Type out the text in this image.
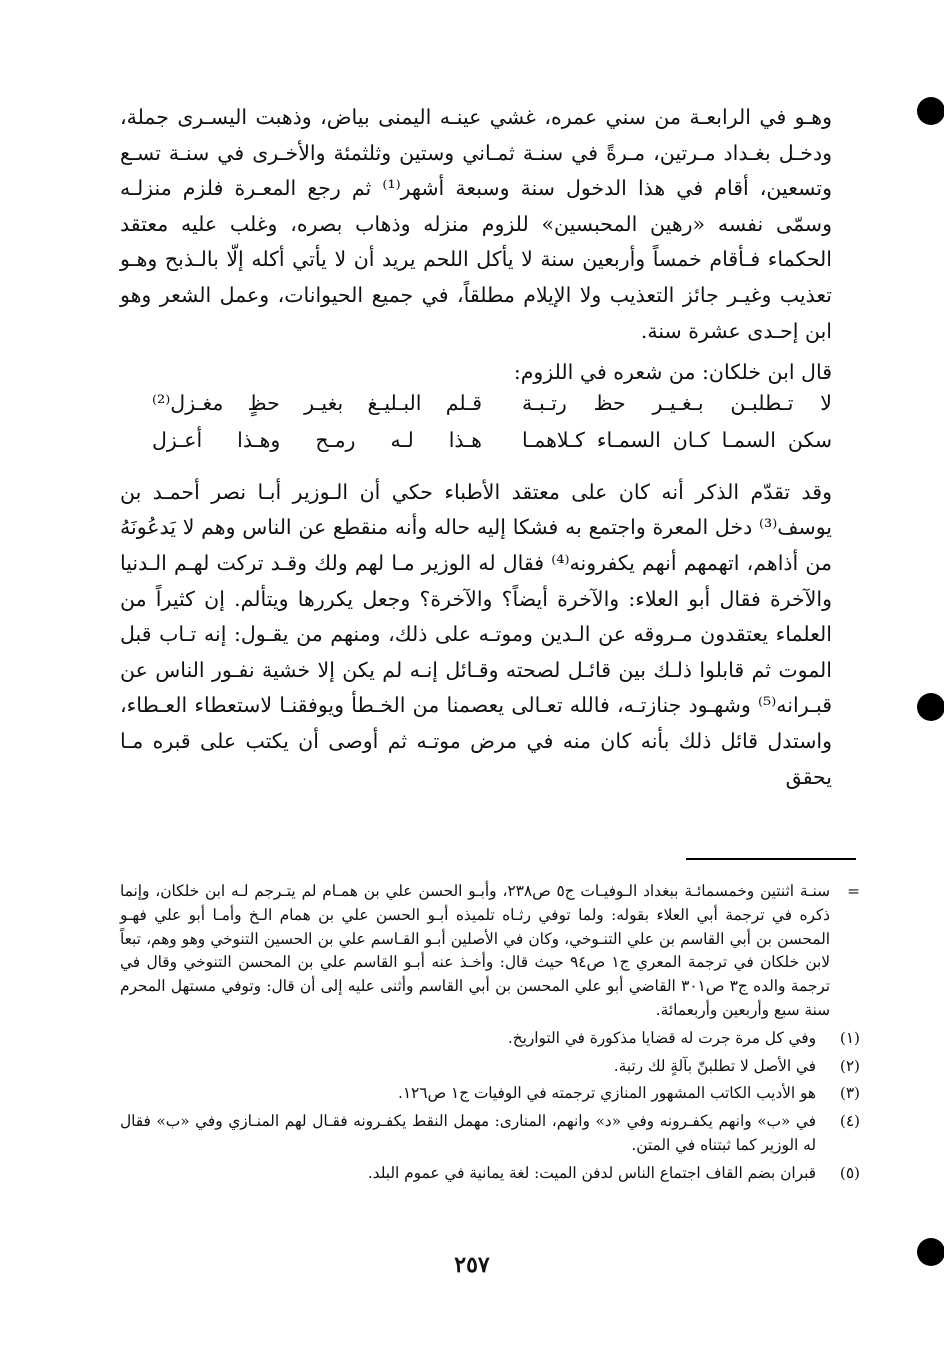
وهـو في الرابعـة من سني عمره، غشي عينـه اليمنى بياض، وذهبت اليسـرى جملة، ودخـل بغـداد مـرتين، مـرةً في سنـة ثمـاني وستين وثلثمئة والأخـرى في سنـة تسـع وتسعين، أقام في هذا الدخول سنة وسبعة أشهر⁽¹⁾ ثم رجع المعـرة فلزم منزلـه وسمّى نفسه «رهين المحبسين» للزوم منزله وذهاب بصره، وغلب عليه معتقد الحكماء فـأقام خمساً وأربعين سنة لا يأكل اللحم يريد أن لا يأتي أكله إلّا بالـذبح وهـو تعذيب وغيـر جائز التعذيب ولا الإيلام مطلقاً، في جميع الحيوانات، وعمل الشعر وهو ابن إحـدى عشرة سنة.

قال ابن خلكان: من شعره في اللزوم:

لا تـطلبـن بـغـيـر حظ رتـبـة
قـلم البـليـغ بغيـر حظٍ مغـزل⁽²⁾
سكن السمـا كـان السمـاء كـلاهمـا
هـذا لـه رمـح وهـذا أعـزل

وقد تقدّم الذكر أنه كان على معتقد الأطباء حكي أن الـوزير أبـا نصر أحمـد بن يوسف⁽³⁾ دخل المعرة واجتمع به فشكا إليه حاله وأنه منقطع عن الناس وهم لا يَدعُونَهُ من أذاهم، اتهمهم أنهم يكفرونه⁽⁴⁾ فقال له الوزير مـا لهم ولك وقـد تركت لهـم الـدنيا والآخرة فقال أبو العلاء: والآخرة أيضاً؟ والآخرة؟ وجعل يكررها ويتألم. إن كثيراً من العلماء يعتقدون مـروقه عن الـدين وموتـه على ذلك، ومنهم من يقـول: إنه تـاب قبل الموت ثم قابلوا ذلـك بين قائـل لصحته وقـائل إنـه لم يكن إلا خشية نفـور الناس عن قبـرانه⁽⁵⁾ وشهـود جنازتـه، فالله تعـالى يعصمنا من الخـطأ ويوفقنـا لاستعطاء العـطاء، واستدل قائل ذلك بأنه كان منه في مرض موتـه ثم أوصى أن يكتب على قبره مـا يحقق

=
سنـة اثنتين وخمسمائـة ببغداد الـوفيـات ج٥ ص٢٣٨، وأبـو الحسن علي بن همـام لم يتـرجم لـه ابن خلكان، وإنما ذكره في ترجمة أبي العلاء بقوله: ولما توفي رثـاه تلميذه أبـو الحسن علي بن همام الـخ وأمـا أبو علي فهـو المحسن بن أبي القاسم بن علي التنـوخي، وكان في الأصلين أبـو القـاسم علي بن الحسين التنوخي وهو وهم، تبعاً لابن خلكان في ترجمة المعري ج١ ص٩٤ حيث قال: وأخـذ عنه أبـو القاسم علي بن المحسن التنوخي وقال في ترجمة والده ج٣ ص٣٠١ القاضي أبو علي المحسن بن أبي القاسم وأثنى عليه إلى أن قال: وتوفي مستهل المحرم سنة سبع وأربعين وأربعمائة.
(١)
وفي كل مرة جرت له قضايا مذكورة في التواريخ.
(٢)
في الأصل لا تطلبنّ بآلةٍ لك رتبة.
(٣)
هو الأديب الكاتب المشهور المنازي ترجمته في الوفيات ج١ ص١٢٦.
(٤)
في «ب» وانهم يكفـرونه وفي «د» وانهم، المنارى: مهمل النقط يكفـرونه فقـال لهم المنـازي وفي «ب» فقال له الوزير كما ثبتناه في المتن.
(٥)
قبران بضم القاف اجتماع الناس لدفن الميت: لغة يمانية في عموم البلد.
٢٥٧
